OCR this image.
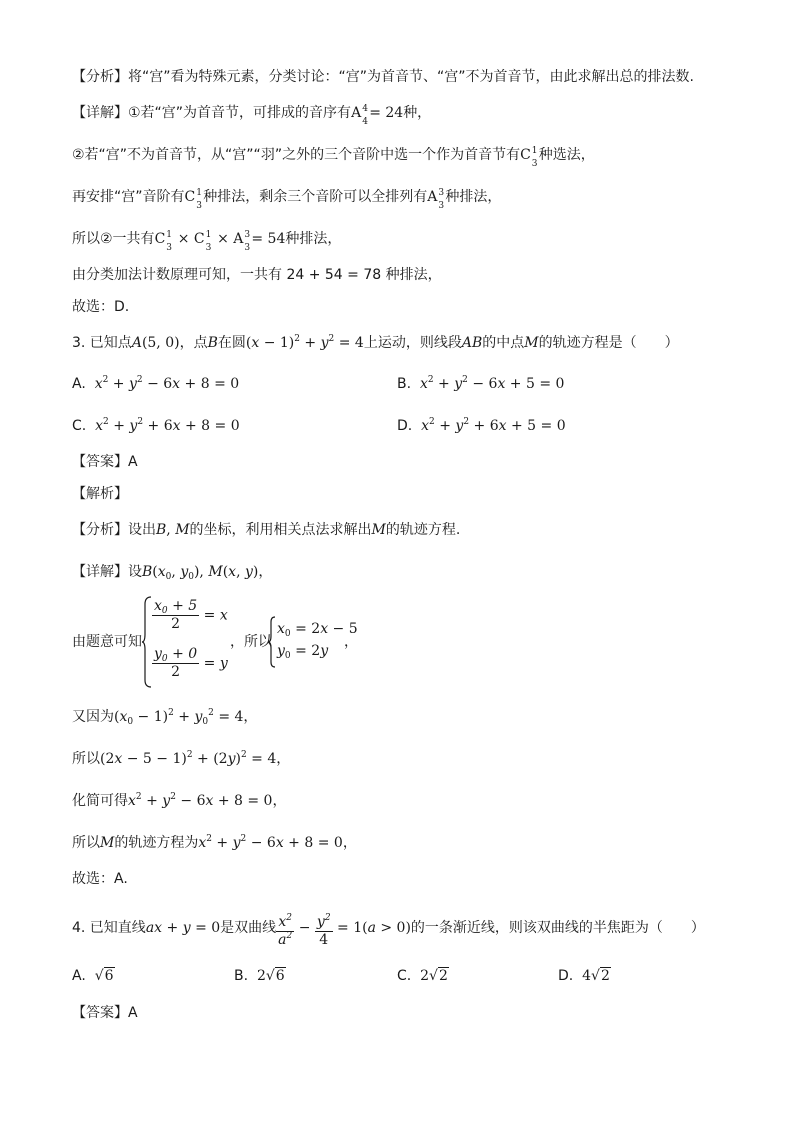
【分析】将“宫”看为特殊元素，分类讨论：“宫”为首音节、“宫”不为首音节，由此求解出总的排法数.
【详解】①若“宫”为首音节，可排成的音序有A 4
4
= 24种，
②若“宫”不为首音节，从“宫”“羽”之外的三个音阶中选一个作为首音节有C 1
3
种选法，
再安排“宫”音阶有C 1
3
种排法，剩余三个音阶可以全排列有A 3
3
种排法，
所以②一共有C 1
3
× C 1
3
× A 3
3
= 54种排法，
由分类加法计数原理可知，一共有 24 + 54 = 78 种排法，
故选：D.
3. 已知点A(5, 0)，点B在圆$(x - 1)^2 + y^2 = 4$上运动，则线段AB的中点M的轨迹方程是（　　）
A. $x^2 + y^2 - 6x + 8 = 0$	B. $x^2 + y^2 - 6x + 5 = 0$
C. $x^2 + y^2 + 6x + 8 = 0$	D. $x^2 + y^2 + 6x + 5 = 0$
【答案】A
【解析】
【分析】设出B, M的坐标，利用相关点法求解出M的轨迹方程.
【详解】设$B(x_0$, $y_0$), M(x, y)，
由题意可知
$\frac{x_0 + 5}{2} = x$
$\frac{y_0 + 0}{2} = y$
，所以
$x_0 = 2x - 5$
$y_0 = 2y$
，
又因为$(x_0 - 1)^2 + y_0^2 = 4$，
所以$(2x - 5 - 1)^2 + (2y)^2 = 4$，
化简可得$x^2 + y^2 - 6x + 8 = 0$，
所以M的轨迹方程为$x^2 + y^2 - 6x + 8 = 0$，
故选：A.
4. 已知直线ax + y = 0是双曲线 $\frac{x^2}{a^2} - \frac{y^2}{4} = 1(a > 0)$的一条渐近线，则该双曲线的半焦距为（　　）
A. √6	B. 2√6	C. 2√2	D. 4√2
【答案】A
